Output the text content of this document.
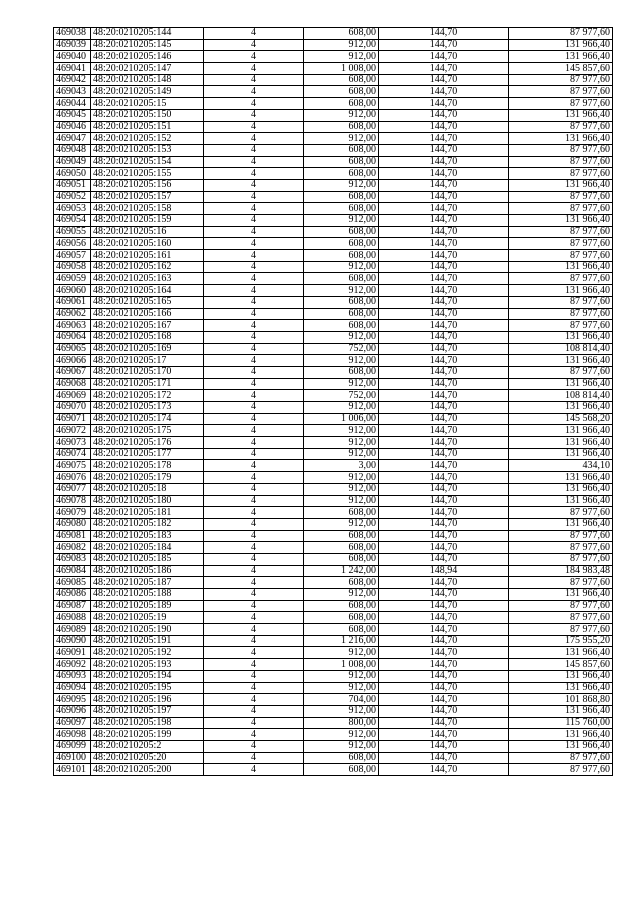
469038	48:20:0210205:144	4	608,00	144,70	87 977,60
469039	48:20:0210205:145	4	912,00	144,70	131 966,40
469040	48:20:0210205:146	4	912,00	144,70	131 966,40
469041	48:20:0210205:147	4	1 008,00	144,70	145 857,60
469042	48:20:0210205:148	4	608,00	144,70	87 977,60
469043	48:20:0210205:149	4	608,00	144,70	87 977,60
469044	48:20:0210205:15	4	608,00	144,70	87 977,60
469045	48:20:0210205:150	4	912,00	144,70	131 966,40
469046	48:20:0210205:151	4	608,00	144,70	87 977,60
469047	48:20:0210205:152	4	912,00	144,70	131 966,40
469048	48:20:0210205:153	4	608,00	144,70	87 977,60
469049	48:20:0210205:154	4	608,00	144,70	87 977,60
469050	48:20:0210205:155	4	608,00	144,70	87 977,60
469051	48:20:0210205:156	4	912,00	144,70	131 966,40
469052	48:20:0210205:157	4	608,00	144,70	87 977,60
469053	48:20:0210205:158	4	608,00	144,70	87 977,60
469054	48:20:0210205:159	4	912,00	144,70	131 966,40
469055	48:20:0210205:16	4	608,00	144,70	87 977,60
469056	48:20:0210205:160	4	608,00	144,70	87 977,60
469057	48:20:0210205:161	4	608,00	144,70	87 977,60
469058	48:20:0210205:162	4	912,00	144,70	131 966,40
469059	48:20:0210205:163	4	608,00	144,70	87 977,60
469060	48:20:0210205:164	4	912,00	144,70	131 966,40
469061	48:20:0210205:165	4	608,00	144,70	87 977,60
469062	48:20:0210205:166	4	608,00	144,70	87 977,60
469063	48:20:0210205:167	4	608,00	144,70	87 977,60
469064	48:20:0210205:168	4	912,00	144,70	131 966,40
469065	48:20:0210205:169	4	752,00	144,70	108 814,40
469066	48:20:0210205:17	4	912,00	144,70	131 966,40
469067	48:20:0210205:170	4	608,00	144,70	87 977,60
469068	48:20:0210205:171	4	912,00	144,70	131 966,40
469069	48:20:0210205:172	4	752,00	144,70	108 814,40
469070	48:20:0210205:173	4	912,00	144,70	131 966,40
469071	48:20:0210205:174	4	1 006,00	144,70	145 568,20
469072	48:20:0210205:175	4	912,00	144,70	131 966,40
469073	48:20:0210205:176	4	912,00	144,70	131 966,40
469074	48:20:0210205:177	4	912,00	144,70	131 966,40
469075	48:20:0210205:178	4	3,00	144,70	434,10
469076	48:20:0210205:179	4	912,00	144,70	131 966,40
469077	48:20:0210205:18	4	912,00	144,70	131 966,40
469078	48:20:0210205:180	4	912,00	144,70	131 966,40
469079	48:20:0210205:181	4	608,00	144,70	87 977,60
469080	48:20:0210205:182	4	912,00	144,70	131 966,40
469081	48:20:0210205:183	4	608,00	144,70	87 977,60
469082	48:20:0210205:184	4	608,00	144,70	87 977,60
469083	48:20:0210205:185	4	608,00	144,70	87 977,60
469084	48:20:0210205:186	4	1 242,00	148,94	184 983,48
469085	48:20:0210205:187	4	608,00	144,70	87 977,60
469086	48:20:0210205:188	4	912,00	144,70	131 966,40
469087	48:20:0210205:189	4	608,00	144,70	87 977,60
469088	48:20:0210205:19	4	608,00	144,70	87 977,60
469089	48:20:0210205:190	4	608,00	144,70	87 977,60
469090	48:20:0210205:191	4	1 216,00	144,70	175 955,20
469091	48:20:0210205:192	4	912,00	144,70	131 966,40
469092	48:20:0210205:193	4	1 008,00	144,70	145 857,60
469093	48:20:0210205:194	4	912,00	144,70	131 966,40
469094	48:20:0210205:195	4	912,00	144,70	131 966,40
469095	48:20:0210205:196	4	704,00	144,70	101 868,80
469096	48:20:0210205:197	4	912,00	144,70	131 966,40
469097	48:20:0210205:198	4	800,00	144,70	115 760,00
469098	48:20:0210205:199	4	912,00	144,70	131 966,40
469099	48:20:0210205:2	4	912,00	144,70	131 966,40
469100	48:20:0210205:20	4	608,00	144,70	87 977,60
469101	48:20:0210205:200	4	608,00	144,70	87 977,60
